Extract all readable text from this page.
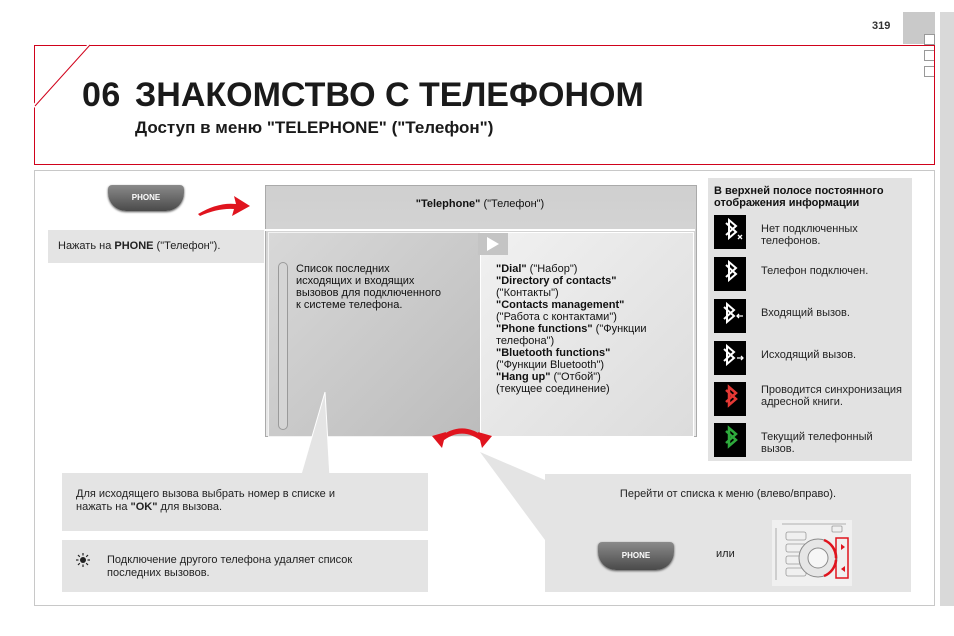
319
06 ЗНАКОМСТВО С ТЕЛЕФОНОМ
Доступ в меню "TELEPHONE" ("Телефон")
PHONE
Нажать на PHONE ("Телефон").
"Telephone" ("Телефон")
Список последних
исходящих и входящих
вызовов для подключенного
к системе телефона.
"Dial" ("Набор")
"Directory of contacts"
("Контакты")
"Contacts management"
("Работа с контактами")
"Phone functions" ("Функции телефона")
"Bluetooth functions"
("Функции Bluetooth")
"Hang up" ("Отбой")
(текущее соединение)
В верхней полосе постоянного отображения информации
Нет подключенных телефонов.
Телефон подключен.
Входящий вызов.
Исходящий вызов.
Проводится синхронизация адресной книги.
Текущий телефонный вызов.
Для исходящего вызова выбрать номер в списке и
нажать на "OK" для вызова.
Подключение другого телефона удаляет список последних вызовов.
Перейти от списка к меню (влево/вправо).
PHONE	или
